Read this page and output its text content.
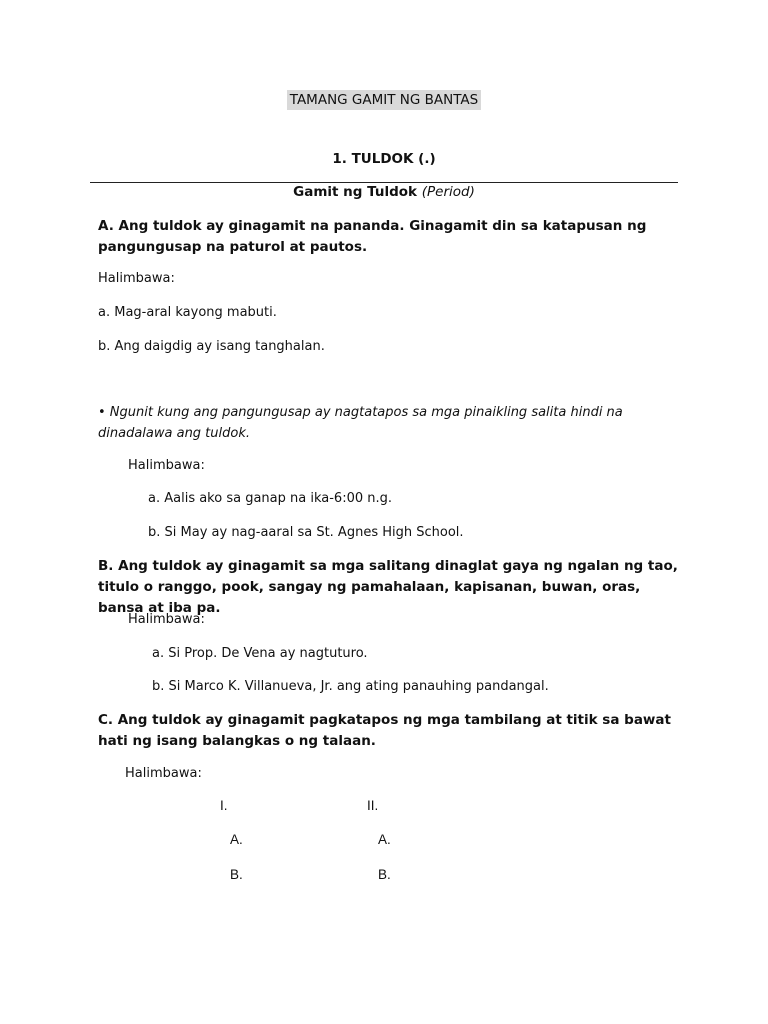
TAMANG GAMIT NG BANTAS
1. TULDOK (.)
Gamit ng Tuldok (Period)
A. Ang tuldok ay ginagamit na pananda. Ginagamit din sa katapusan ng pangungusap na paturol at pautos.
Halimbawa:
a. Mag-aral kayong mabuti.
b. Ang daigdig ay isang tanghalan.
• Ngunit kung ang pangungusap ay nagtatapos sa mga pinaikling salita hindi na dinadalawa ang tuldok.
Halimbawa:
a. Aalis ako sa ganap na ika-6:00 n.g.
b. Si May ay nag-aaral sa St. Agnes High School.
B. Ang tuldok ay ginagamit sa mga salitang dinaglat gaya ng ngalan ng tao, titulo o ranggo, pook, sangay ng pamahalaan, kapisanan, buwan, oras, bansa at iba pa.
Halimbawa:
a. Si Prop. De Vena ay nagtuturo.
b. Si Marco K. Villanueva, Jr. ang ating panauhing pandangal.
C. Ang tuldok ay ginagamit pagkatapos ng mga tambilang at titik sa bawat hati ng isang balangkas o ng talaan.
Halimbawa:
I.
A.
B.
II.
A.
B.
